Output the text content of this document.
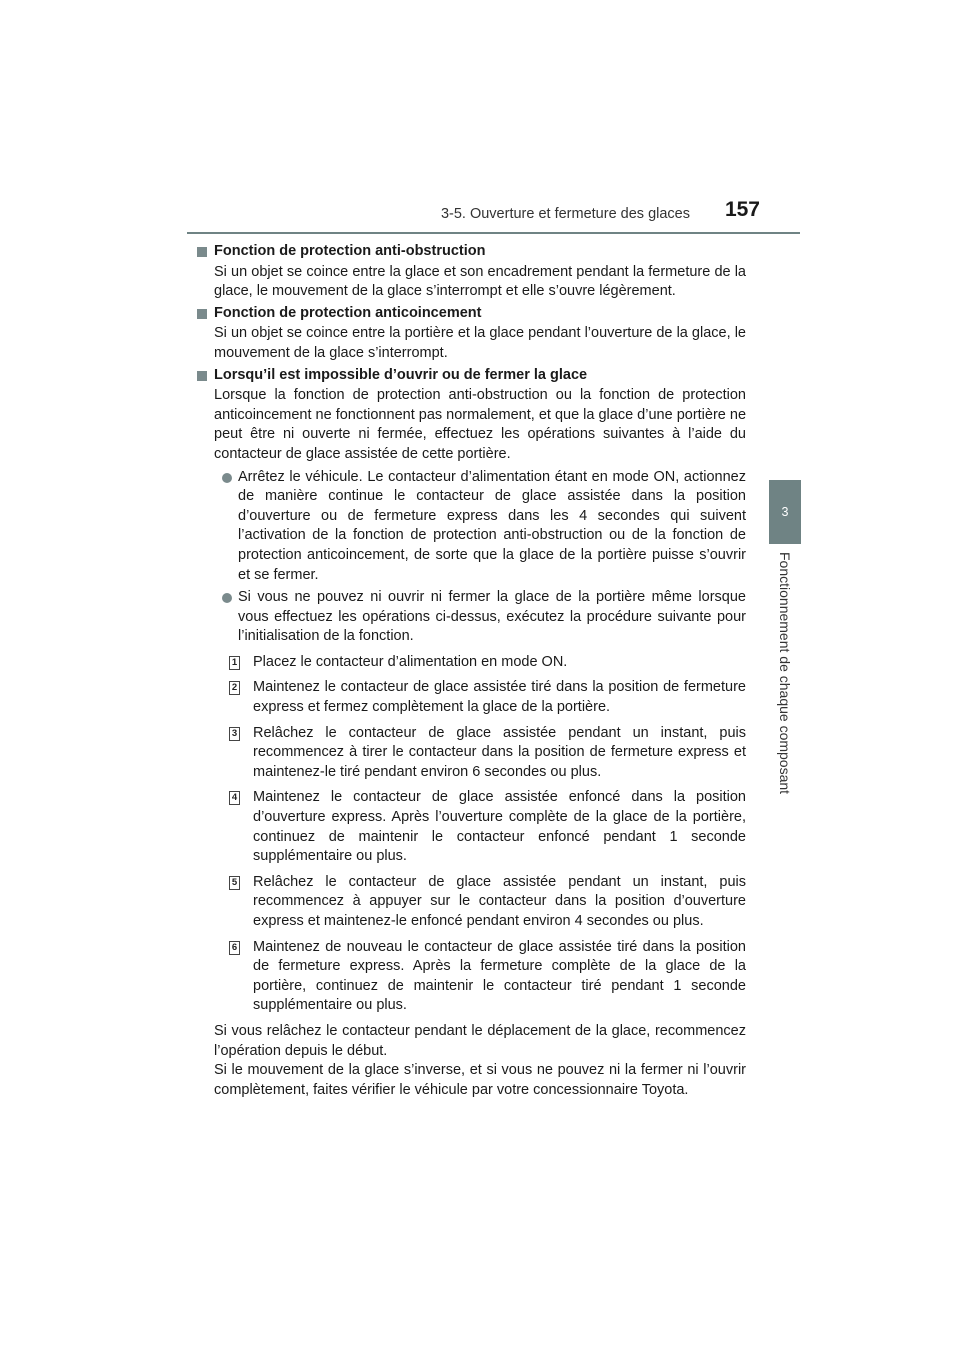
3-5. Ouverture et fermeture des glaces	157
3
Fonctionnement de chaque composant
Fonction de protection anti-obstruction

Si un objet se coince entre la glace et son encadrement pendant la fermeture de la glace, le mouvement de la glace s’interrompt et elle s’ouvre légèrement.

Fonction de protection anticoincement

Si un objet se coince entre la portière et la glace pendant l’ouverture de la glace, le mouvement de la glace s’interrompt.

Lorsqu’il est impossible d’ouvrir ou de fermer la glace

Lorsque la fonction de protection anti-obstruction ou la fonction de protection anticoincement ne fonctionnent pas normalement, et que la glace d’une portière ne peut être ni ouverte ni fermée, effectuez les opérations suivantes à l’aide du contacteur de glace assistée de cette portière.

Arrêtez le véhicule. Le contacteur d’alimentation étant en mode ON, actionnez de manière continue le contacteur de glace assistée dans la position d’ouverture ou de fermeture express dans les 4 secondes qui suivent l’activation de la fonction de protection anti-obstruction ou de la fonction de protection anticoincement, de sorte que la glace de la portière puisse s’ouvrir et se fermer.

Si vous ne pouvez ni ouvrir ni fermer la glace de la portière même lorsque vous effectuez les opérations ci-dessus, exécutez la procédure suivante pour l’initialisation de la fonction.

1 Placez le contacteur d’alimentation en mode ON.

2 Maintenez le contacteur de glace assistée tiré dans la position de fermeture express et fermez complètement la glace de la portière.

3 Relâchez le contacteur de glace assistée pendant un instant, puis recommencez à tirer le contacteur dans la position de fermeture express et maintenez-le tiré pendant environ 6 secondes ou plus.

4 Maintenez le contacteur de glace assistée enfoncé dans la position d’ouverture express. Après l’ouverture complète de la glace de la portière, continuez de maintenir le contacteur enfoncé pendant 1 seconde supplémentaire ou plus.

5 Relâchez le contacteur de glace assistée pendant un instant, puis recommencez à appuyer sur le contacteur dans la position d’ouverture express et maintenez-le enfoncé pendant environ 4 secondes ou plus.

6 Maintenez de nouveau le contacteur de glace assistée tiré dans la position de fermeture express. Après la fermeture complète de la glace de la portière, continuez de maintenir le contacteur tiré pendant 1 seconde supplémentaire ou plus.

Si vous relâchez le contacteur pendant le déplacement de la glace, recommencez l’opération depuis le début.

Si le mouvement de la glace s’inverse, et si vous ne pouvez ni la fermer ni l’ouvrir complètement, faites vérifier le véhicule par votre concessionnaire Toyota.
